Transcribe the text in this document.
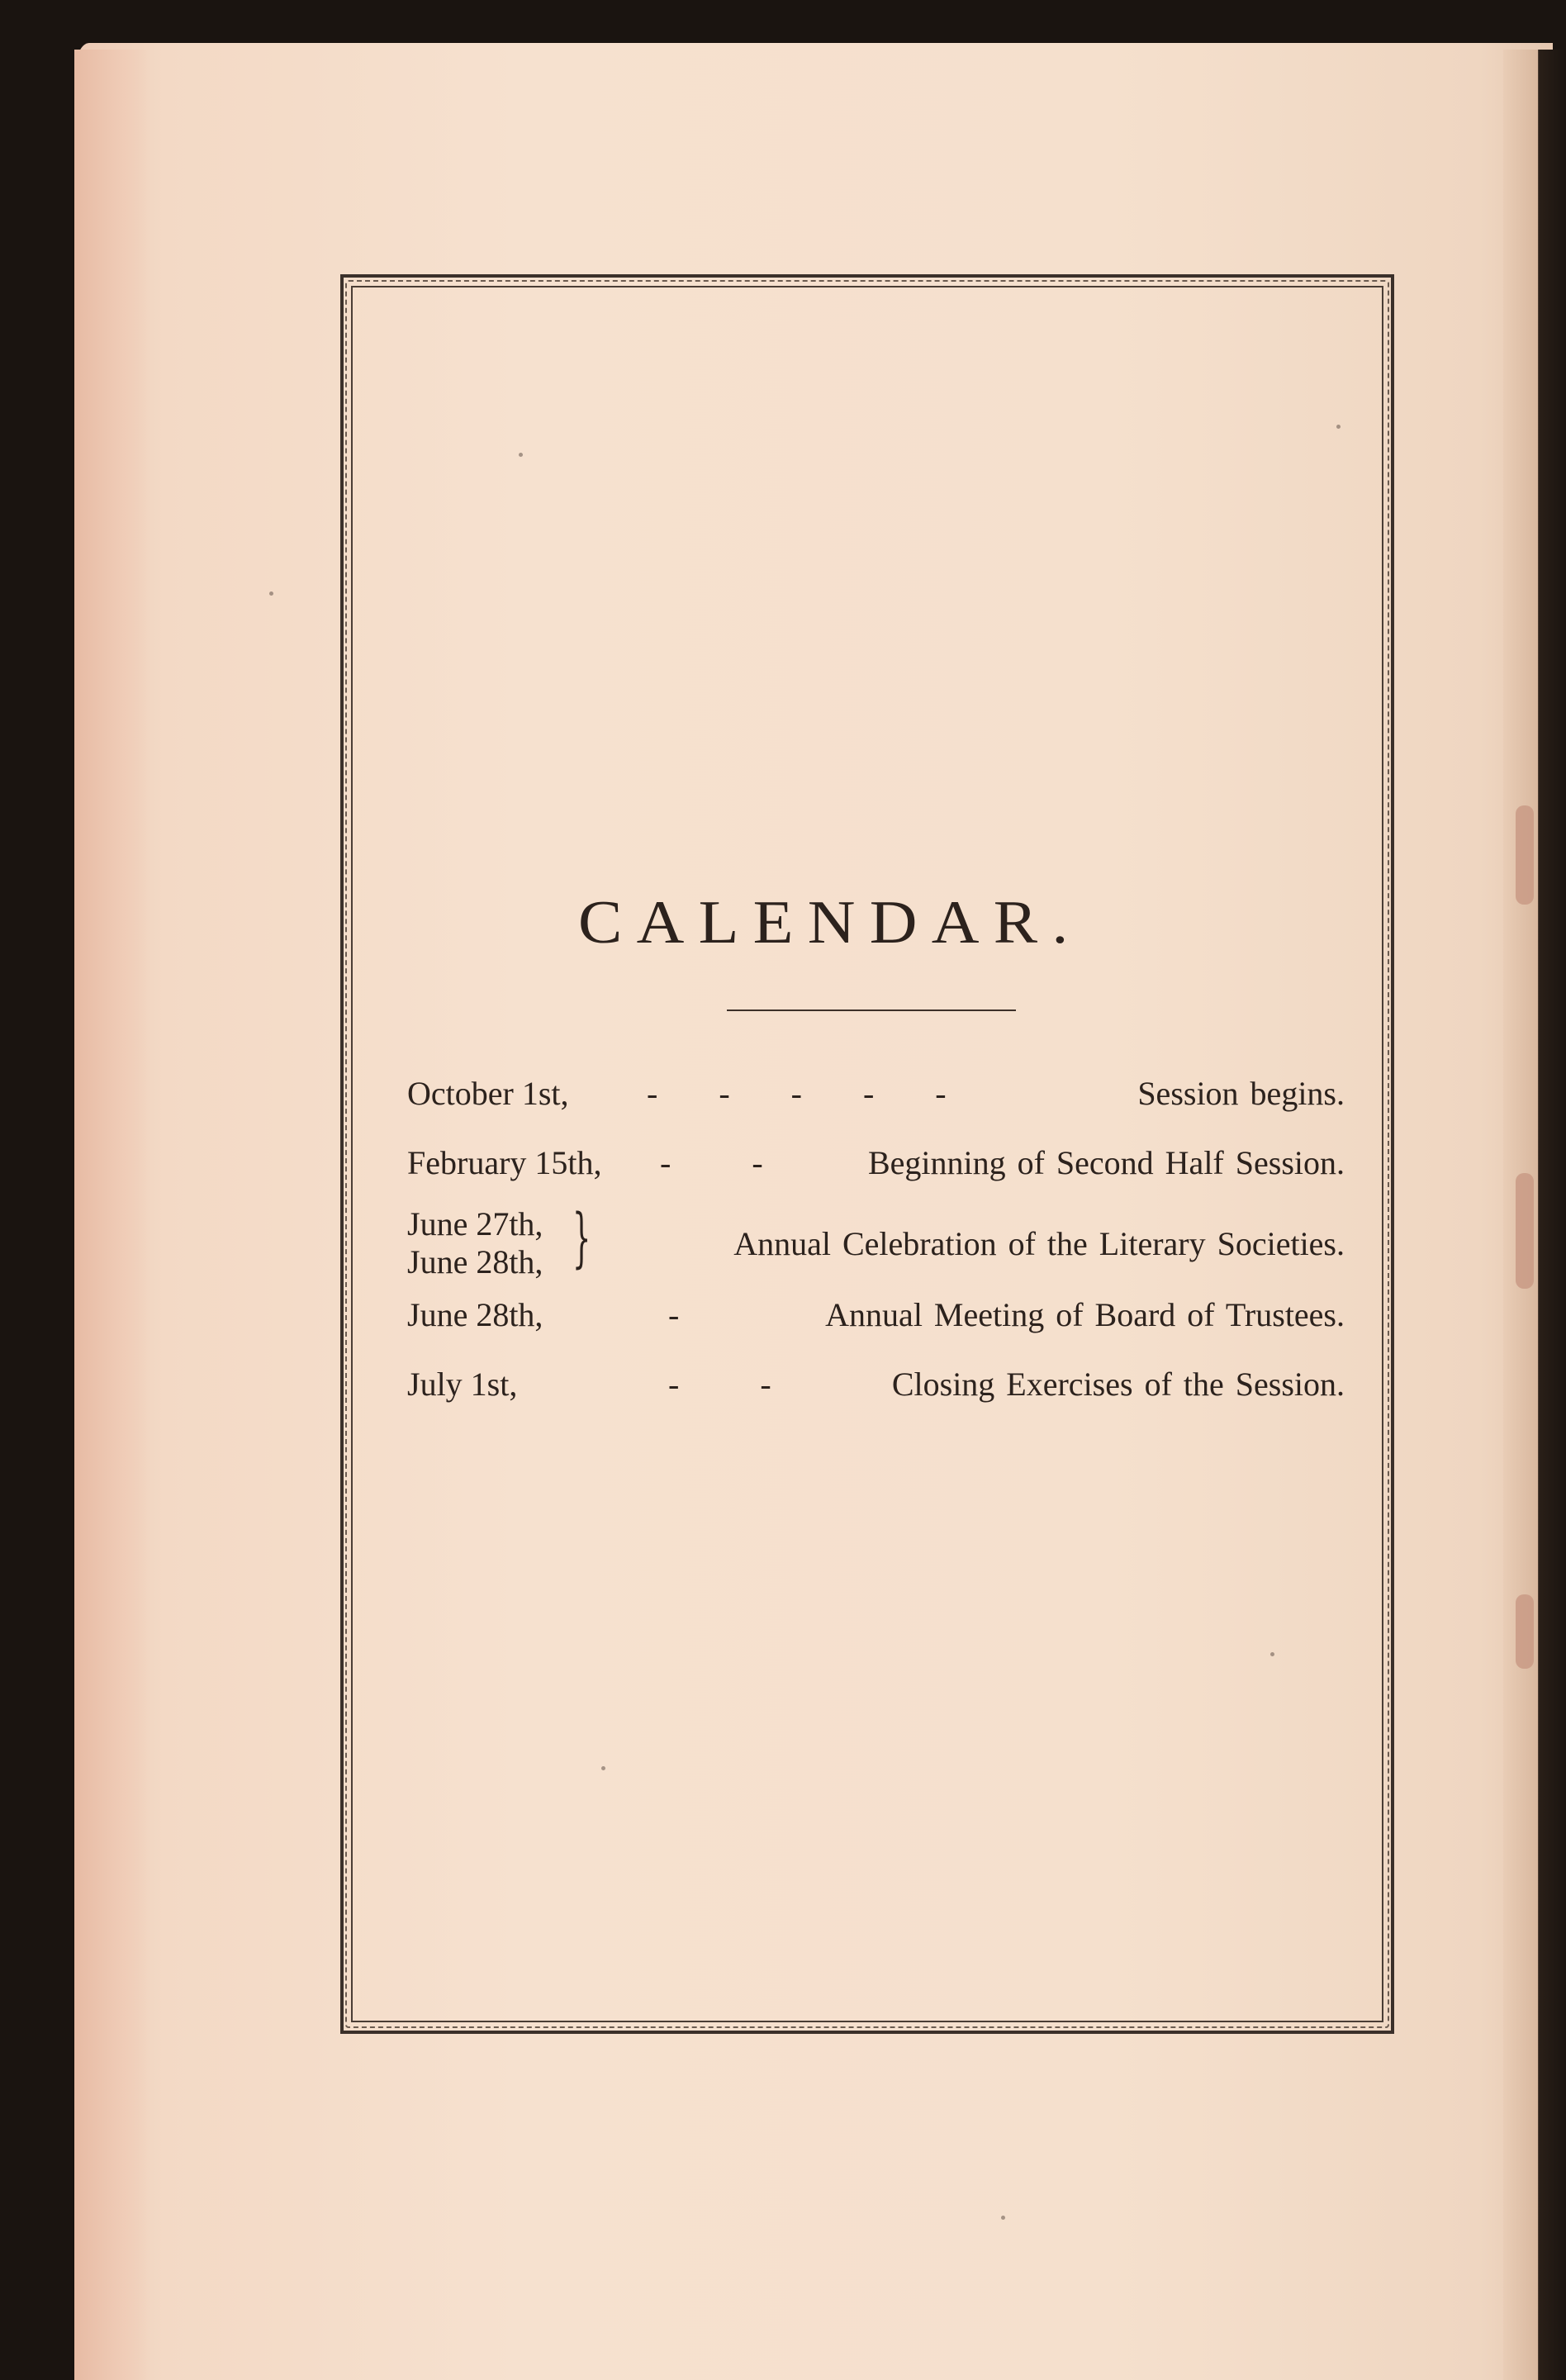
CALENDAR.
October 1st, -      -      -      -      -	Session begins.
February 15th, -        -	Beginning of Second Half Session.
June 27th,
June 28th, }	Annual Celebration of the Literary Societies.
June 28th,	-	Annual Meeting of Board of Trustees.
July 1st,	-        -	Closing Exercises of the Session.
